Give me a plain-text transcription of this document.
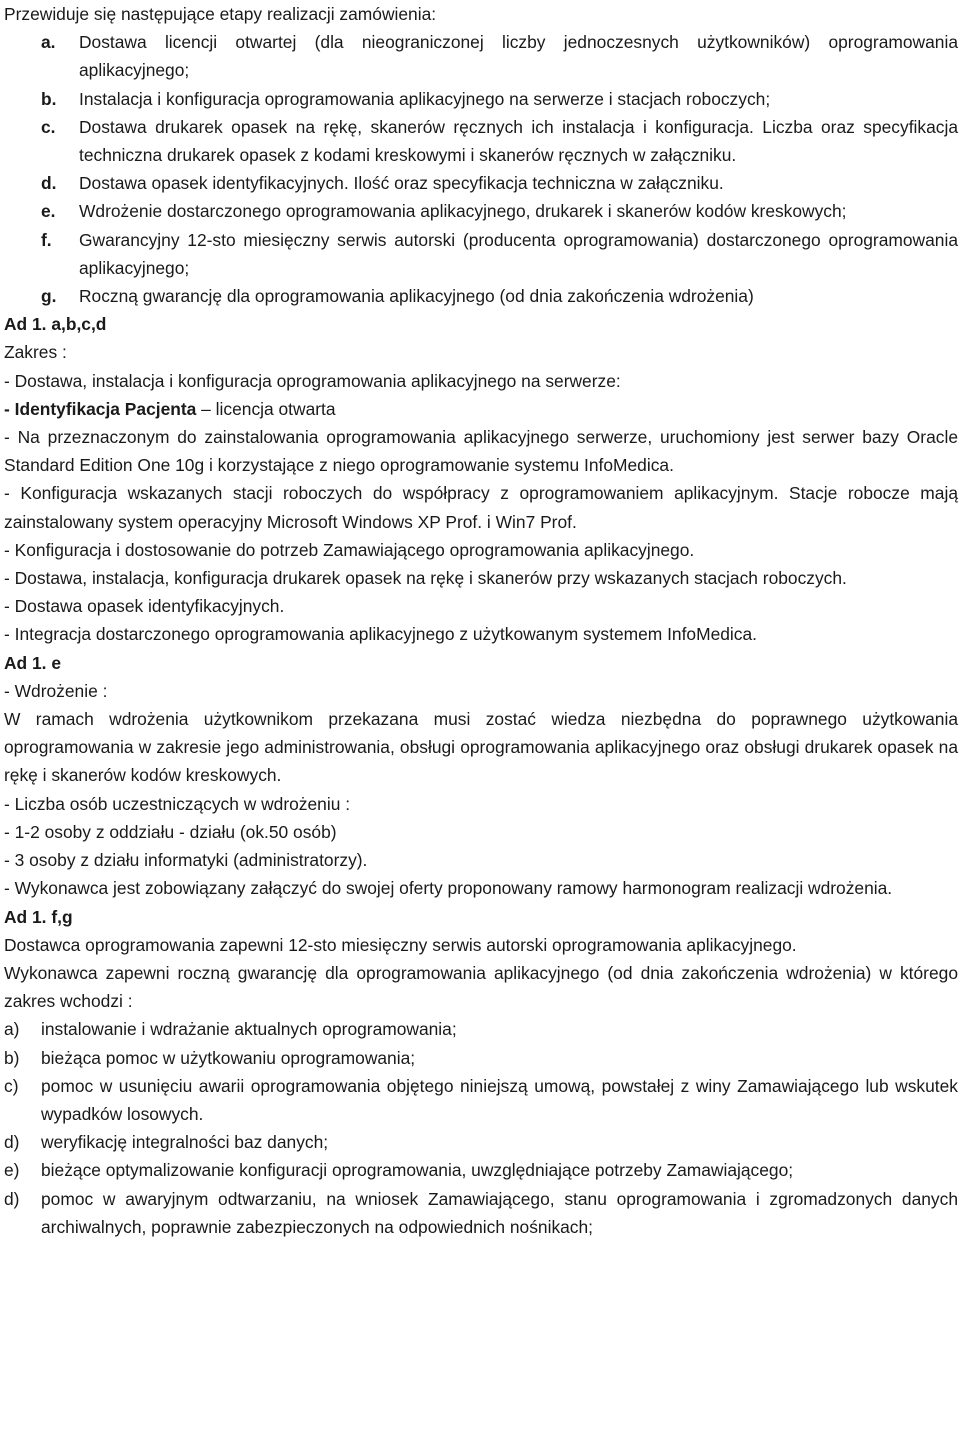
Przewiduje się następujące etapy realizacji zamówienia:

a.	Dostawa licencji otwartej (dla nieograniczonej liczby jednoczesnych użytkowników) oprogramowania aplikacyjnego;
b.	Instalacja i konfiguracja oprogramowania aplikacyjnego na serwerze i stacjach roboczych;
c.	Dostawa drukarek opasek na rękę, skanerów ręcznych ich instalacja i konfiguracja. Liczba oraz specyfikacja techniczna drukarek opasek z kodami kreskowymi i skanerów ręcznych w załączniku.
d.	Dostawa opasek identyfikacyjnych. Ilość oraz specyfikacja techniczna w załączniku.
e.	Wdrożenie dostarczonego oprogramowania aplikacyjnego, drukarek i skanerów kodów kreskowych;
f.	Gwarancyjny 12-sto miesięczny serwis autorski (producenta oprogramowania) dostarczonego oprogramowania aplikacyjnego;
g.	Roczną gwarancję dla oprogramowania aplikacyjnego (od dnia zakończenia wdrożenia)

Ad 1. a,b,c,d

Zakres :

- Dostawa, instalacja i konfiguracja oprogramowania aplikacyjnego na serwerze:

- Identyfikacja Pacjenta – licencja otwarta

- Na przeznaczonym do zainstalowania oprogramowania aplikacyjnego serwerze, uruchomiony jest serwer bazy Oracle Standard Edition One 10g i korzystające z niego oprogramowanie systemu InfoMedica.

- Konfiguracja wskazanych stacji roboczych do współpracy z oprogramowaniem aplikacyjnym. Stacje robocze mają zainstalowany system operacyjny Microsoft Windows XP Prof. i Win7 Prof.

- Konfiguracja i dostosowanie do potrzeb Zamawiającego oprogramowania aplikacyjnego.

- Dostawa, instalacja, konfiguracja drukarek opasek na rękę i skanerów przy wskazanych stacjach roboczych.

- Dostawa opasek identyfikacyjnych.

- Integracja dostarczonego oprogramowania aplikacyjnego z użytkowanym systemem InfoMedica.

Ad 1. e

- Wdrożenie :

W ramach wdrożenia użytkownikom przekazana musi zostać wiedza niezbędna do poprawnego użytkowania oprogramowania w zakresie jego administrowania, obsługi oprogramowania aplikacyjnego oraz obsługi drukarek opasek na rękę i skanerów kodów kreskowych.

- Liczba osób uczestniczących w wdrożeniu :

- 1-2 osoby z oddziału - działu (ok.50 osób)

- 3 osoby z działu informatyki (administratorzy).

- Wykonawca jest zobowiązany załączyć do swojej oferty proponowany ramowy harmonogram realizacji wdrożenia.

Ad 1. f,g

Dostawca oprogramowania zapewni 12-sto miesięczny serwis autorski oprogramowania aplikacyjnego.

Wykonawca zapewni roczną gwarancję dla oprogramowania aplikacyjnego (od dnia zakończenia wdrożenia) w którego zakres wchodzi :

a)	instalowanie i wdrażanie aktualnych oprogramowania;
b)	bieżąca pomoc w użytkowaniu oprogramowania;
c)	pomoc w usunięciu awarii oprogramowania objętego niniejszą umową, powstałej z winy Zamawiającego lub wskutek wypadków losowych.
d)	weryfikację integralności baz danych;
e)	bieżące optymalizowanie konfiguracji oprogramowania, uwzględniające potrzeby Zamawiającego;
d)	pomoc w awaryjnym odtwarzaniu, na wniosek Zamawiającego, stanu oprogramowania i zgromadzonych danych archiwalnych, poprawnie zabezpieczonych na odpowiednich nośnikach;
